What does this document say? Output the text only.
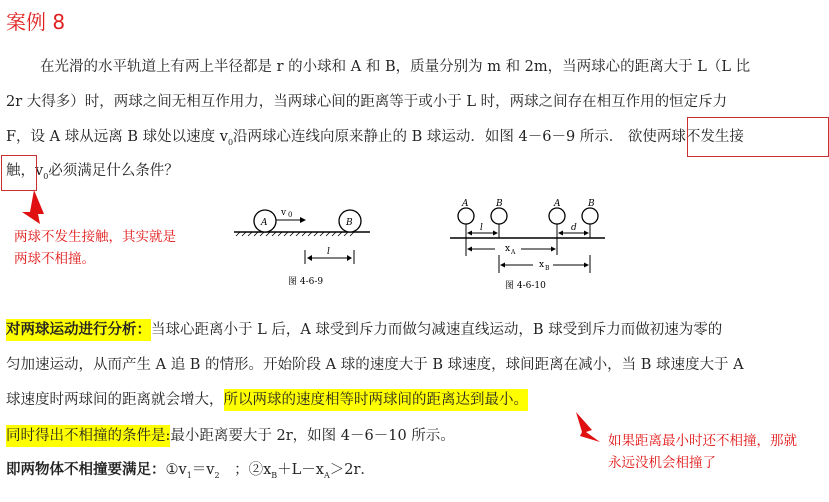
案例 8
在光滑的水平轨道上有两上半径都是 r 的小球和 A 和 B，质量分别为 m 和 2m，当两球心的距离大于 L（L 比
2r 大得多）时，两球之间无相互作用力，当两球心间的距离等于或小于 L 时，两球之间存在相互作用的恒定斥力
F，设 A 球从远离 B 球处以速度 $v_0$沿两球心连线向原来静止的 B 球运动．如图 4－6－9 所示． 欲使两球不发生接
触，$v_0$必须满足什么条件？
两球不发生接触，其实就是
两球不相撞。
A	B
v 0
l
图 4-6-9
A	B	A	B
l	d
x A
x B
图 4-6-10
对两球运动进行分析：当球心距离小于 L 后，A 球受到斥力而做匀减速直线运动，B 球受到斥力而做初速为零的
匀加速运动，从而产生 A 追 B 的情形。开始阶段 A 球的速度大于 B 球速度，球间距离在减小，当 B 球速度大于 A
球速度时两球间的距离就会增大，所以两球的速度相等时两球间的距离达到最小。
同时得出不相撞的条件是:最小距离要大于 2r，如图 4－6－10 所示。
即两物体不相撞要满足：$①v_1=v_2$　；$②x_B+L-x_A>2r$．
如果距离最小时还不相撞，那就
永远没机会相撞了
